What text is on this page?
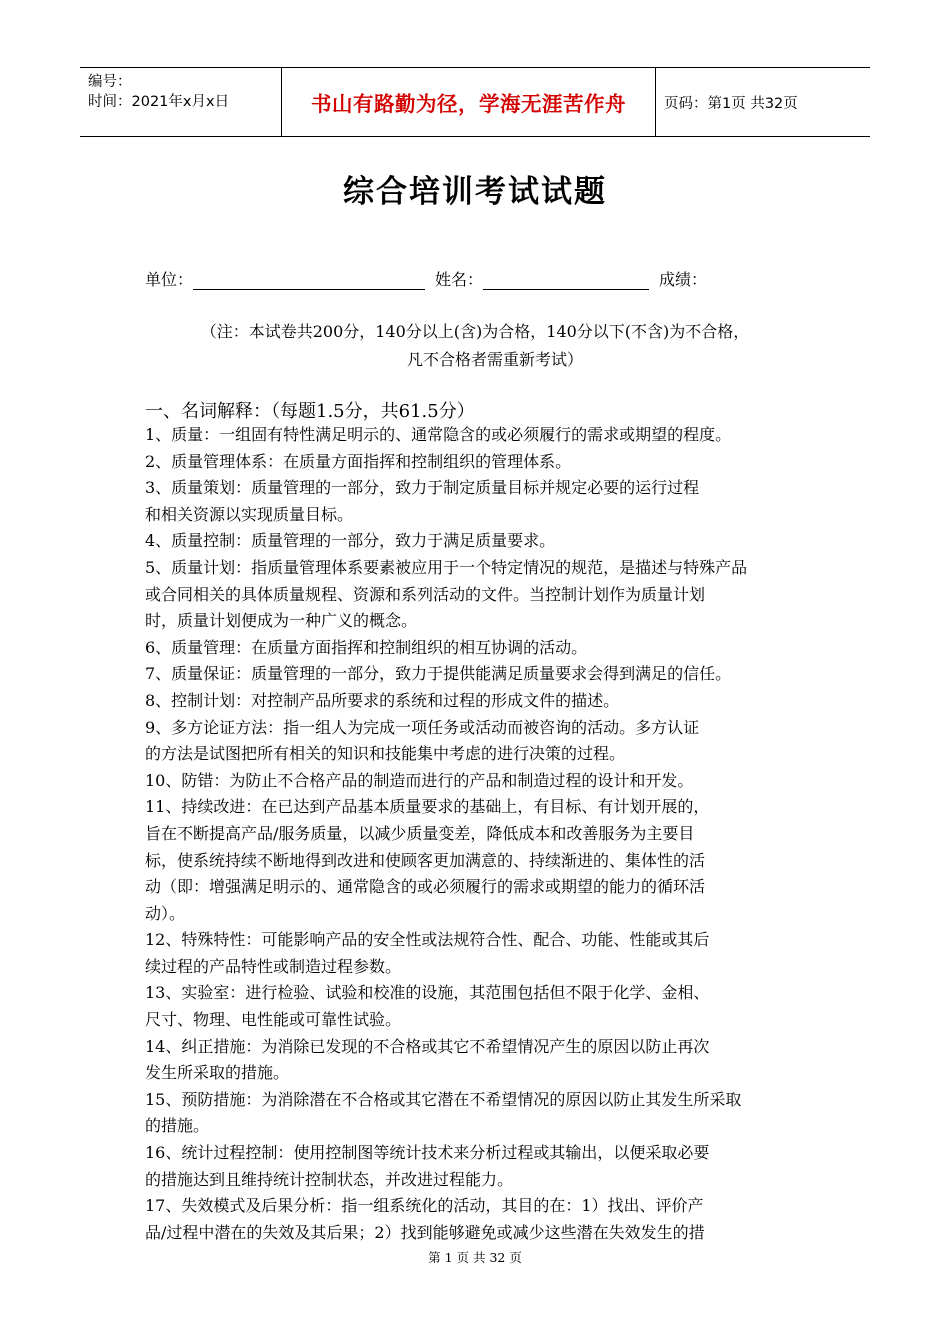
编号：
时间：2021年x月x日	书山有路勤为径，学海无涯苦作舟	页码：第1页 共32页
综合培训考试试题
单位：	姓名：	成绩：
（注：本试卷共200分，140分以上(含)为合格，140分以下(不含)为不合格，
凡不合格者需重新考试）
一、名词解释：（每题1.5分，共61.5分）
1、质量：一组固有特性满足明示的、通常隐含的或必须履行的需求或期望的程度。
2、质量管理体系：在质量方面指挥和控制组织的管理体系。
3、质量策划：质量管理的一部分，致力于制定质量目标并规定必要的运行过程
和相关资源以实现质量目标。
4、质量控制：质量管理的一部分，致力于满足质量要求。
5、质量计划：指质量管理体系要素被应用于一个特定情况的规范，是描述与特殊产品
或合同相关的具体质量规程、资源和系列活动的文件。当控制计划作为质量计划
时，质量计划便成为一种广义的概念。
6、质量管理：在质量方面指挥和控制组织的相互协调的活动。
7、质量保证：质量管理的一部分，致力于提供能满足质量要求会得到满足的信任。
8、控制计划：对控制产品所要求的系统和过程的形成文件的描述。
9、多方论证方法：指一组人为完成一项任务或活动而被咨询的活动。多方认证
的方法是试图把所有相关的知识和技能集中考虑的进行决策的过程。
10、防错：为防止不合格产品的制造而进行的产品和制造过程的设计和开发。
11、持续改进：在已达到产品基本质量要求的基础上，有目标、有计划开展的，
旨在不断提高产品/服务质量，以减少质量变差，降低成本和改善服务为主要目
标，使系统持续不断地得到改进和使顾客更加满意的、持续渐进的、集体性的活
动（即：增强满足明示的、通常隐含的或必须履行的需求或期望的能力的循环活
动）。
12、特殊特性：可能影响产品的安全性或法规符合性、配合、功能、性能或其后
续过程的产品特性或制造过程参数。
13、实验室：进行检验、试验和校准的设施，其范围包括但不限于化学、金相、
尺寸、物理、电性能或可靠性试验。
14、纠正措施：为消除已发现的不合格或其它不希望情况产生的原因以防止再次
发生所采取的措施。
15、预防措施：为消除潜在不合格或其它潜在不希望情况的原因以防止其发生所采取
的措施。
16、统计过程控制：使用控制图等统计技术来分析过程或其输出，以便采取必要
的措施达到且维持统计控制状态，并改进过程能力。
17、失效模式及后果分析：指一组系统化的活动，其目的在：1）找出、评价产
品/过程中潜在的失效及其后果；2）找到能够避免或减少这些潜在失效发生的措
第 1 页 共 32 页
